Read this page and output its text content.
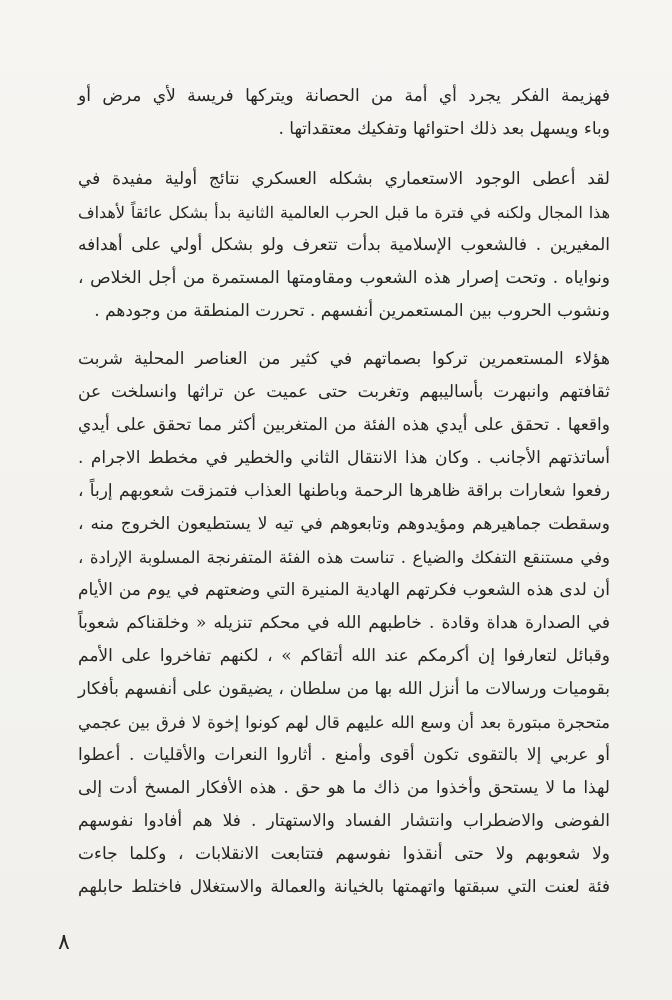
فهزيمة الفكر يجرد أي أمة من الحصانة ويتركها فريسة لأي مرض أو
وباء ويسهل بعد ذلك احتوائها وتفكيك معتقداتها .
لقد أعطى الوجود الاستعماري بشكله العسكري نتائج أولية مفيدة في
هذا المجال ولكنه في فترة ما قبل الحرب العالمية الثانية بدأ بشكل عائقاً لأهداف
المغيرين . فالشعوب الإسلامية بدأت تتعرف ولو بشكل أولي على أهدافه
ونواياه . وتحت إصرار هذه الشعوب ومقاومتها المستمرة من أجل الخلاص ،
ونشوب الحروب بين المستعمرين أنفسهم . تحررت المنطقة من وجودهم .
هؤلاء المستعمرين تركوا بصماتهم في كثير من العناصر المحلية شربت
ثقافتهم وانبهرت بأساليبهم وتغربت حتى عميت عن تراثها وانسلخت عن
واقعها . تحقق على أيدي هذه الفئة من المتغربين أكثر مما تحقق على أيدي
أساتذتهم الأجانب . وكان هذا الانتقال الثاني والخطير في مخطط الاجرام .
رفعوا شعارات براقة ظاهرها الرحمة وباطنها العذاب فتمزقت شعوبهم إرباً ،
وسقطت جماهيرهم ومؤيدوهم وتابعوهم في تيه لا يستطيعون الخروج منه ،
وفي مستنقع التفكك والضياع . تناست هذه الفئة المتفرنجة المسلوبة الإرادة ،
أن لدى هذه الشعوب فكرتهم الهادية المنيرة التي وضعتهم في يوم من الأيام
في الصدارة هداة وقادة . خاطبهم الله في محكم تنزيله « وخلقناكم شعوباً
وقبائل لتعارفوا إن أكرمكم عند الله أتقاكم » ، لكنهم تفاخروا على الأمم
بقوميات ورسالات ما أنزل الله بها من سلطان ، يضيقون على أنفسهم بأفكار
متحجرة مبتورة بعد أن وسع الله عليهم قال لهم كونوا إخوة لا فرق بين عجمي
أو عربي إلا بالتقوى تكون أقوى وأمنع . أثاروا النعرات والأقليات . أعطوا
لهذا ما لا يستحق وأخذوا من ذاك ما هو حق . هذه الأفكار المسخ أدت إلى
الفوضى والاضطراب وانتشار الفساد والاستهتار . فلا هم أفادوا نفوسهم
ولا شعوبهم ولا حتى أنقذوا نفوسهم فتتابعت الانقلابات ، وكلما جاءت
فئة لعنت التي سبقتها واتهمتها بالخيانة والعمالة والاستغلال فاختلط حابلهم
٨
